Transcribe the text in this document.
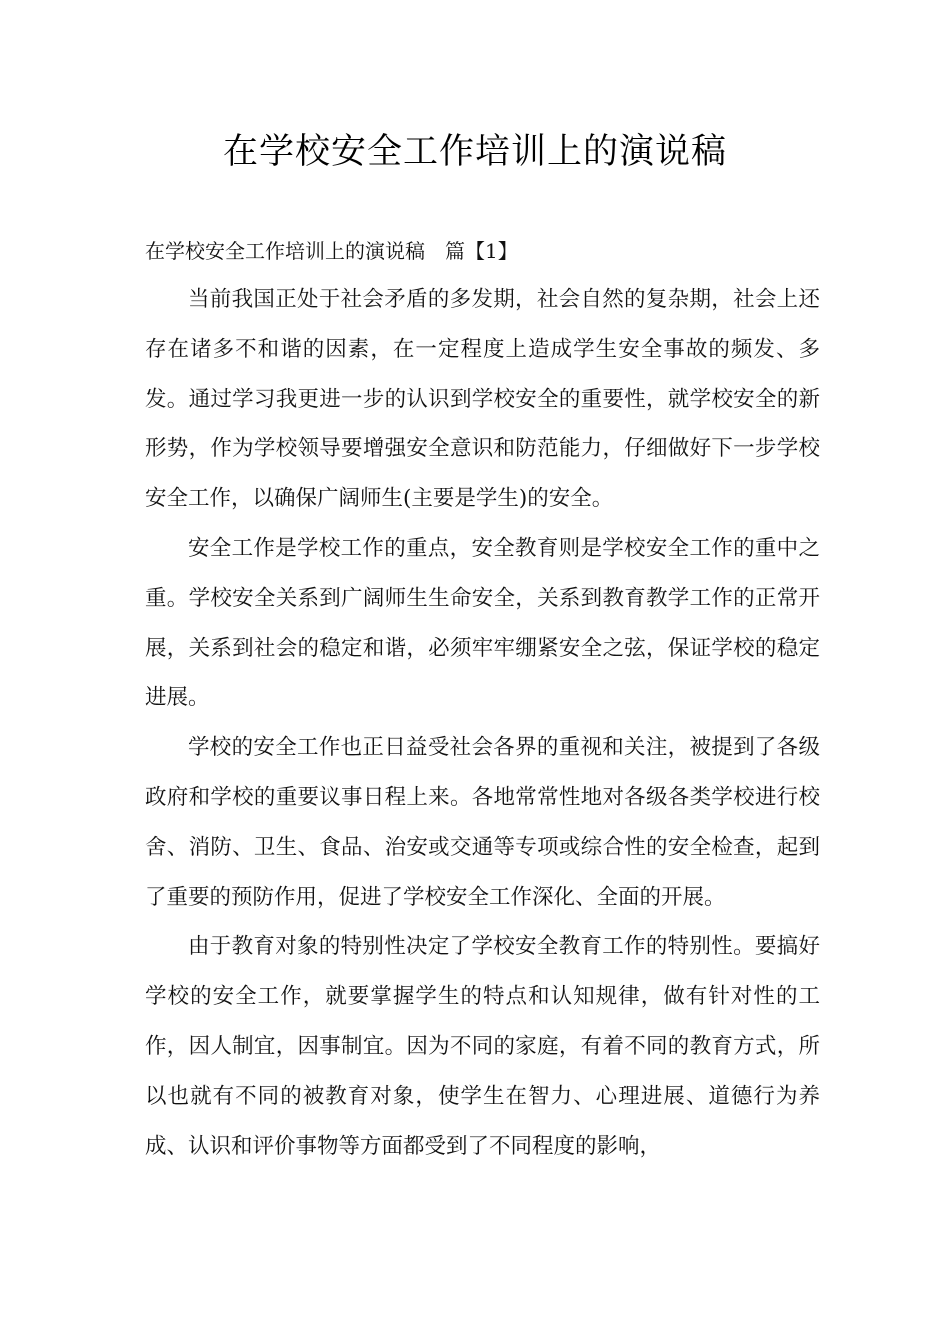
在学校安全工作培训上的演说稿
在学校安全工作培训上的演说稿　篇【1】

当前我国正处于社会矛盾的多发期，社会自然的复杂期，社会上还存在诸多不和谐的因素，在一定程度上造成学生安全事故的频发、多发。通过学习我更进一步的认识到学校安全的重要性，就学校安全的新形势，作为学校领导要增强安全意识和防范能力，仔细做好下一步学校安全工作，以确保广阔师生(主要是学生)的安全。

安全工作是学校工作的重点，安全教育则是学校安全工作的重中之重。学校安全关系到广阔师生生命安全，关系到教育教学工作的正常开展，关系到社会的稳定和谐，必须牢牢绷紧安全之弦，保证学校的稳定进展。

学校的安全工作也正日益受社会各界的重视和关注，被提到了各级政府和学校的重要议事日程上来。各地常常性地对各级各类学校进行校舍、消防、卫生、食品、治安或交通等专项或综合性的安全检查，起到了重要的预防作用，促进了学校安全工作深化、全面的开展。

由于教育对象的特别性决定了学校安全教育工作的特别性。要搞好学校的安全工作，就要掌握学生的特点和认知规律，做有针对性的工作，因人制宜，因事制宜。因为不同的家庭，有着不同的教育方式，所以也就有不同的被教育对象，使学生在智力、心理进展、道德行为养成、认识和评价事物等方面都受到了不同程度的影响，
